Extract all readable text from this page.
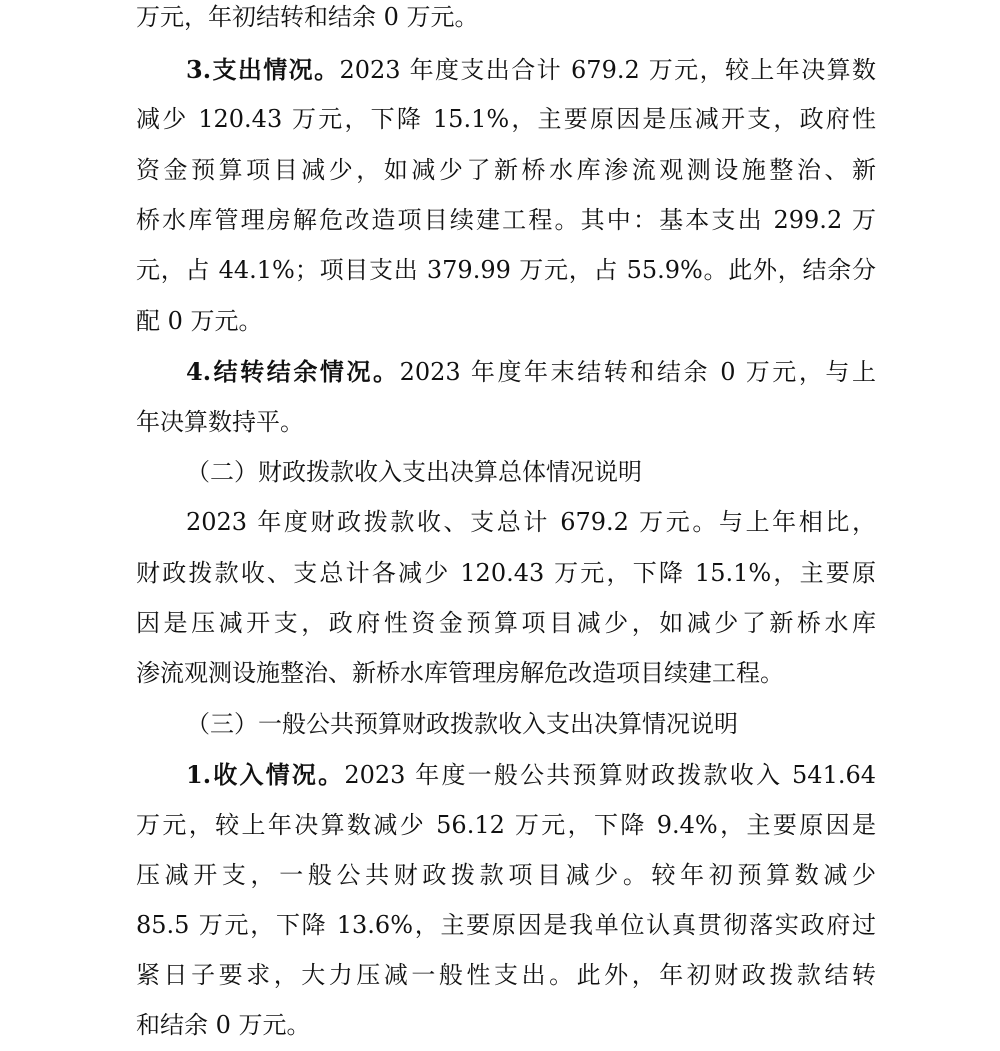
万元，年初结转和结余 0 万元。
3.支出情况。2023 年度支出合计 679.2 万元，较上年决算数
减少 120.43 万元，下降 15.1%，主要原因是压减开支，政府性
资金预算项目减少，如减少了新桥水库渗流观测设施整治、新
桥水库管理房解危改造项目续建工程。其中：基本支出 299.2 万
元，占 44.1%；项目支出 379.99 万元，占 55.9%。此外，结余分
配 0 万元。
4.结转结余情况。2023 年度年末结转和结余 0 万元，与上
年决算数持平。
（二）财政拨款收入支出决算总体情况说明
2023 年度财政拨款收、支总计 679.2 万元。与上年相比，
财政拨款收、支总计各减少 120.43 万元，下降 15.1%，主要原
因是压减开支，政府性资金预算项目减少，如减少了新桥水库
渗流观测设施整治、新桥水库管理房解危改造项目续建工程。
（三）一般公共预算财政拨款收入支出决算情况说明
1.收入情况。2023 年度一般公共预算财政拨款收入 541.64
万元，较上年决算数减少 56.12 万元，下降 9.4%，主要原因是
压减开支，一般公共财政拨款项目减少。较年初预算数减少
85.5 万元，下降 13.6%，主要原因是我单位认真贯彻落实政府过
紧日子要求，大力压减一般性支出。此外，年初财政拨款结转
和结余 0 万元。
